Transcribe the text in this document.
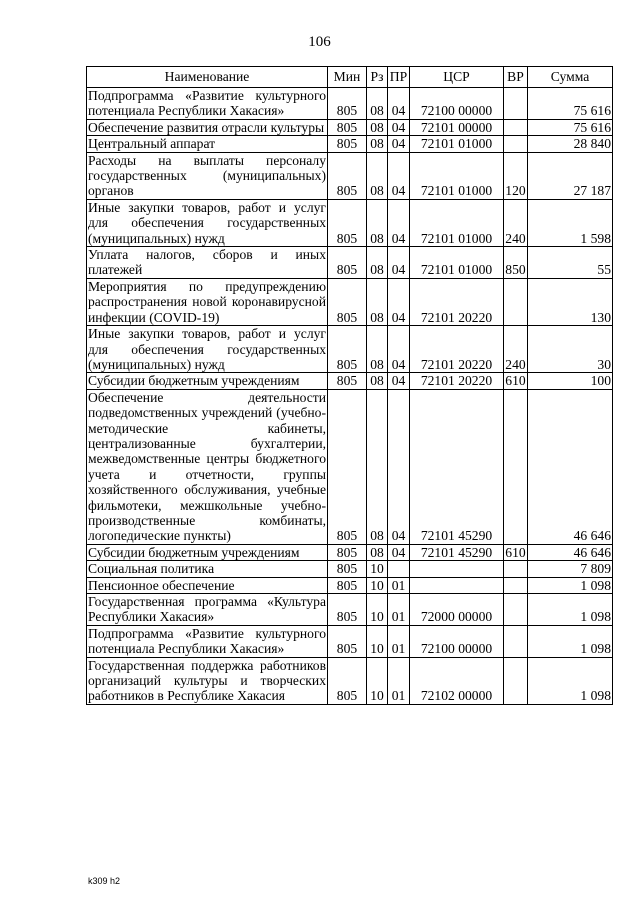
106
Наименование	Мин	Рз	ПР	ЦСР	ВР	Сумма
Подпрограмма «Развитие культурного потенциала Республики Хакасия»	805	08	04	72100 00000		75 616
Обеспечение развития отрасли культуры	805	08	04	72101 00000		75 616
Центральный аппарат	805	08	04	72101 01000		28 840
Расходы на выплаты персоналу государственных (муниципальных) органов	805	08	04	72101 01000	120	27 187
Иные закупки товаров, работ и услуг для обеспечения государственных (муниципальных) нужд	805	08	04	72101 01000	240	1 598
Уплата налогов, сборов и иных платежей	805	08	04	72101 01000	850	55
Мероприятия по предупреждению распространения новой коронавирусной инфекции (COVID-19)	805	08	04	72101 20220		130
Иные закупки товаров, работ и услуг для обеспечения государственных (муниципальных) нужд	805	08	04	72101 20220	240	30
Субсидии бюджетным учреждениям	805	08	04	72101 20220	610	100
Обеспечение деятельности подведомственных учреждений (учебно-методические кабинеты, централизованные бухгалтерии, межведомственные центры бюджетного учета и отчетности, группы хозяйственного обслуживания, учебные фильмотеки, межшкольные учебно-производственные комбинаты, логопедические пункты)	805	08	04	72101 45290		46 646
Субсидии бюджетным учреждениям	805	08	04	72101 45290	610	46 646
Социальная политика	805	10				7 809
Пенсионное обеспечение	805	10	01			1 098
Государственная программа «Культура Республики Хакасия»	805	10	01	72000 00000		1 098
Подпрограмма «Развитие культурного потенциала Республики Хакасия»	805	10	01	72100 00000		1 098
Государственная поддержка работников организаций культуры и творческих работников в Республике Хакасия	805	10	01	72102 00000		1 098
k309 h2
